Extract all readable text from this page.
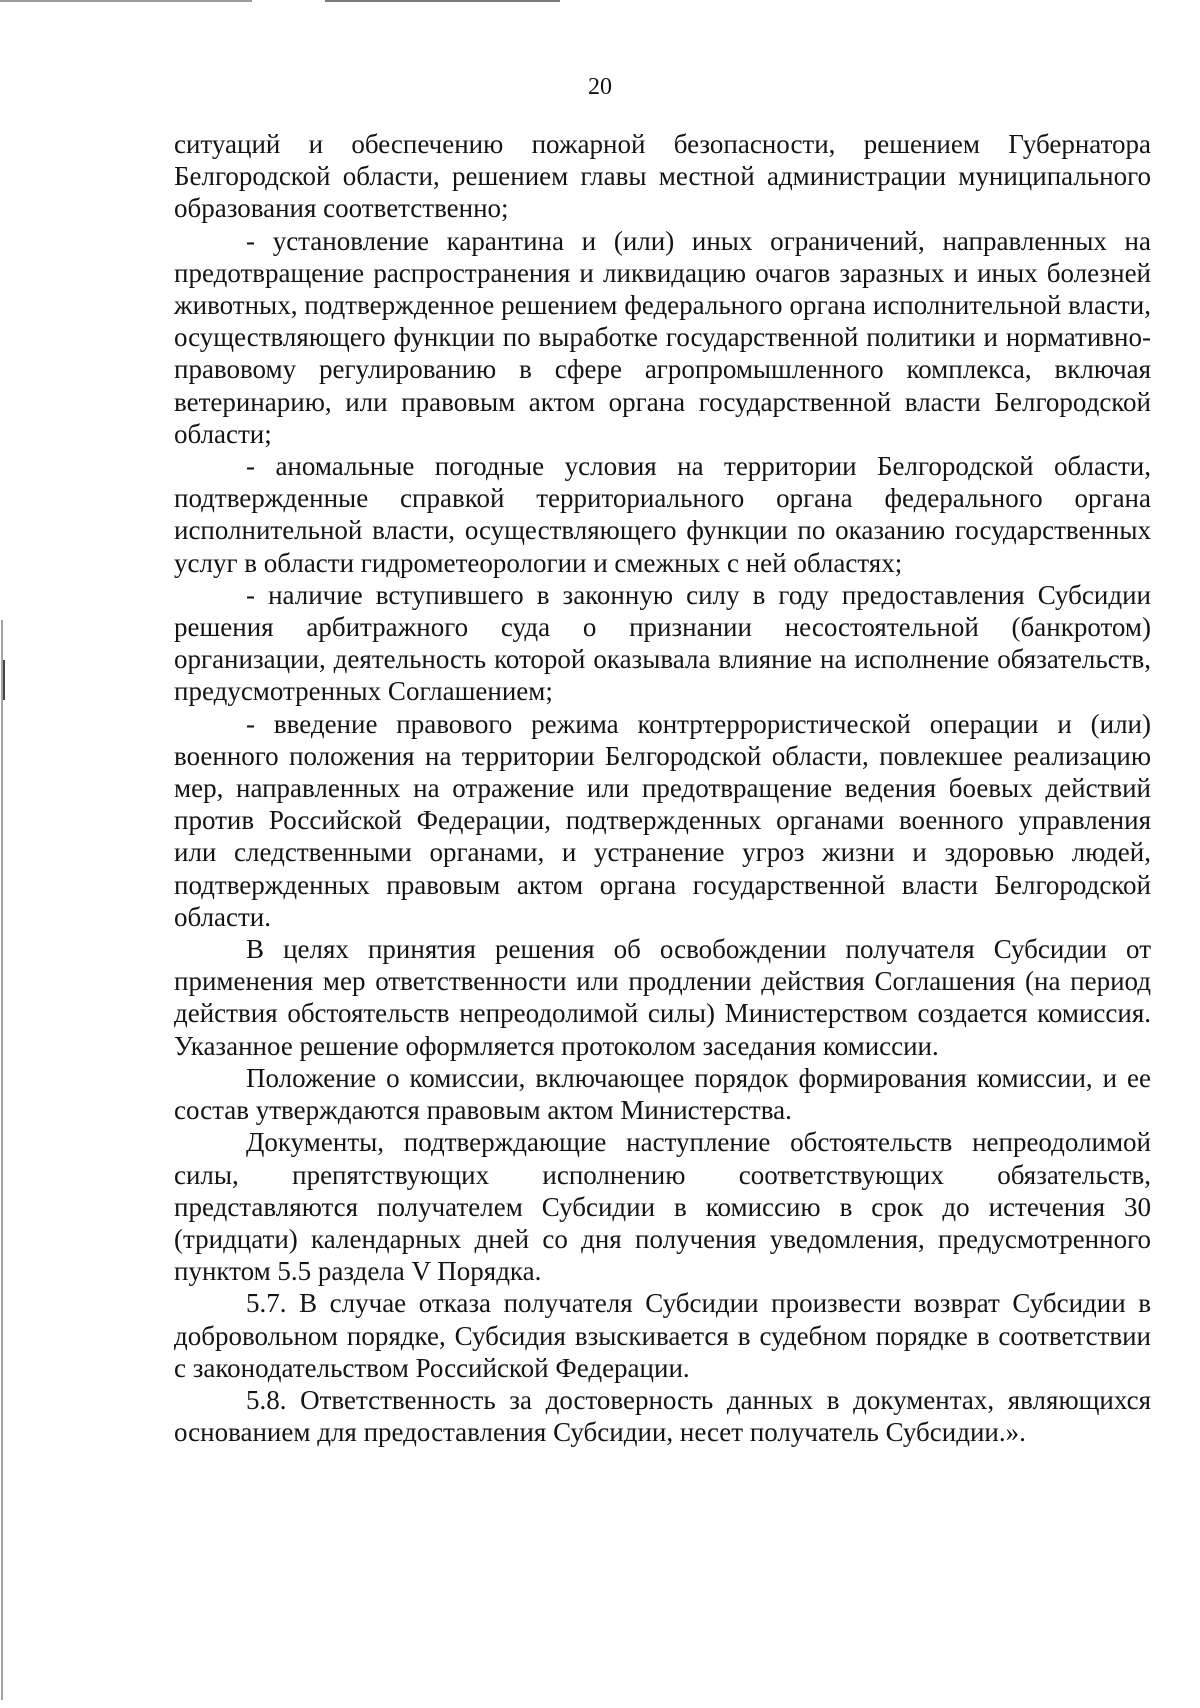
20

ситуаций и обеспечению пожарной безопасности, решением Губернатора Белгородской области, решением главы местной администрации муниципального образования соответственно;

- установление карантина и (или) иных ограничений, направленных на предотвращение распространения и ликвидацию очагов заразных и иных болезней животных, подтвержденное решением федерального органа исполнительной власти, осуществляющего функции по выработке государственной политики и нормативно-правовому регулированию в сфере агропромышленного комплекса, включая ветеринарию, или правовым актом органа государственной власти Белгородской области;

- аномальные погодные условия на территории Белгородской области, подтвержденные справкой территориального органа федерального органа исполнительной власти, осуществляющего функции по оказанию государственных услуг в области гидрометеорологии и смежных с ней областях;

- наличие вступившего в законную силу в году предоставления Субсидии решения арбитражного суда о признании несостоятельной (банкротом) организации, деятельность которой оказывала влияние на исполнение обязательств, предусмотренных Соглашением;

- введение правового режима контртеррористической операции и (или) военного положения на территории Белгородской области, повлекшее реализацию мер, направленных на отражение или предотвращение ведения боевых действий против Российской Федерации, подтвержденных органами военного управления или следственными органами, и устранение угроз жизни и здоровью людей, подтвержденных правовым актом органа государственной власти Белгородской области.

В целях принятия решения об освобождении получателя Субсидии от применения мер ответственности или продлении действия Соглашения (на период действия обстоятельств непреодолимой силы) Министерством создается комиссия. Указанное решение оформляется протоколом заседания комиссии.

Положение о комиссии, включающее порядок формирования комиссии, и ее состав утверждаются правовым актом Министерства.

Документы, подтверждающие наступление обстоятельств непреодолимой силы, препятствующих исполнению соответствующих обязательств, представляются получателем Субсидии в комиссию в срок до истечения 30 (тридцати) календарных дней со дня получения уведомления, предусмотренного пунктом 5.5 раздела V Порядка.

5.7. В случае отказа получателя Субсидии произвести возврат Субсидии в добровольном порядке, Субсидия взыскивается в судебном порядке в соответствии с законодательством Российской Федерации.

5.8. Ответственность за достоверность данных в документах, являющихся основанием для предоставления Субсидии, несет получатель Субсидии.».
